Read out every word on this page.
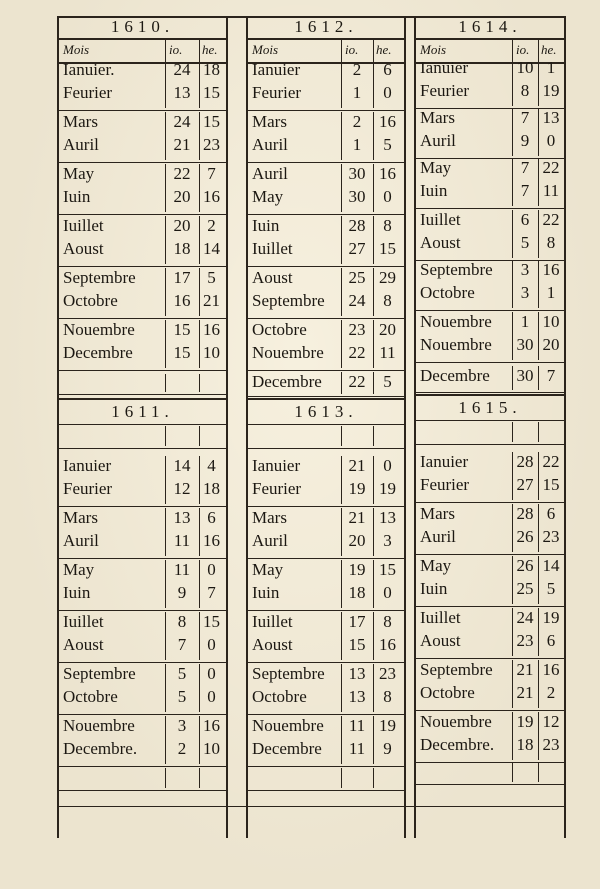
1610.
Mois	io. he.
Ianuier.	24 18
Feurier	13 15
Mars	24 15
Auril	21 23
May	22 7
Iuin	20 16
Iuillet	20 2
Aoust	18 14
Septembre	17 5
Octobre	16 21
Nouembre	15 16
Decembre	15 10
1611.
Ianuier	14 4
Feurier	12 18
Mars	13 6
Auril	11 16
May	11	0
Iuin	9	7
Iuillet	8 15
Aoust	7	0
Septembre	5	0
Octobre	5	0
Nouembre	3 16
Decembre.	2 10
1612.
Mois	io. he.
Ianuier	2	6
Feurier	1	0
Mars	2	16
Auril	1	5
Auril	30 16
May	30	0
Iuin	28	8
Iuillet	27 15
Aoust	25 29
Septembre	24	8
Octobre	23 20
Nouembre	22 11
Decembre	22	5
1613.
Ianuier	21	0
Feurier	19 19
Mars	21 13
Auril	20	3
May	19 15
Iuin	18	0
Iuillet	17	8
Aoust	15 16
Septembre	13 23
Octobre	13	8
Nouembre	11 19
Decembre	11	9
1614.
Mois	io. he.
Ianuier	10 1
Feurier	8 19
Mars	7 13
Auril	9	0
May	7 22
Iuin	7 11
Iuillet	6 22
Aoust	5	8
Septembre	3 16
Octobre	3	1
Nouembre	1 10
Nouembre 30 20
Decembre 30 7
1615.
Ianuier	28 22
Feurier	27 15
Mars	28 6
Auril	26 23
May	26 14
Iuin	25 5
Iuillet	24 19
Aoust	23 6
Septembre 21 16
Octobre 21 2
Nouembre 19 12
Decembre. 18 23
